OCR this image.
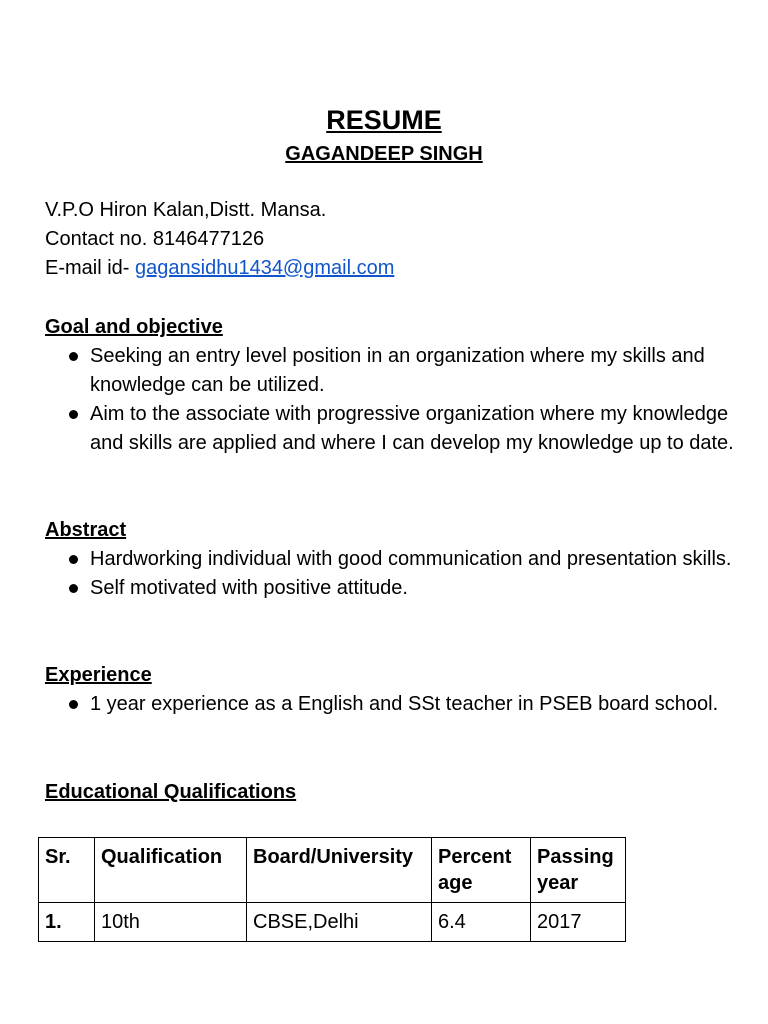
RESUME
GAGANDEEP SINGH
V.P.O Hiron Kalan,Distt. Mansa.
Contact no. 8146477126
E-mail id- gagansidhu1434@gmail.com
Goal and objective
Seeking an entry level position in an organization where my skills and knowledge can be utilized.
Aim to the associate with progressive organization where my knowledge and skills are applied and where I can develop my knowledge up to date.
Abstract
Hardworking individual with good communication and presentation skills.
Self motivated with positive attitude.
Experience
1 year experience as a English and SSt teacher in PSEB board school.
Educational Qualifications
Sr.	Qualification	Board/University	Percent age	Passing year
1.	10th	CBSE,Delhi	6.4	2017
